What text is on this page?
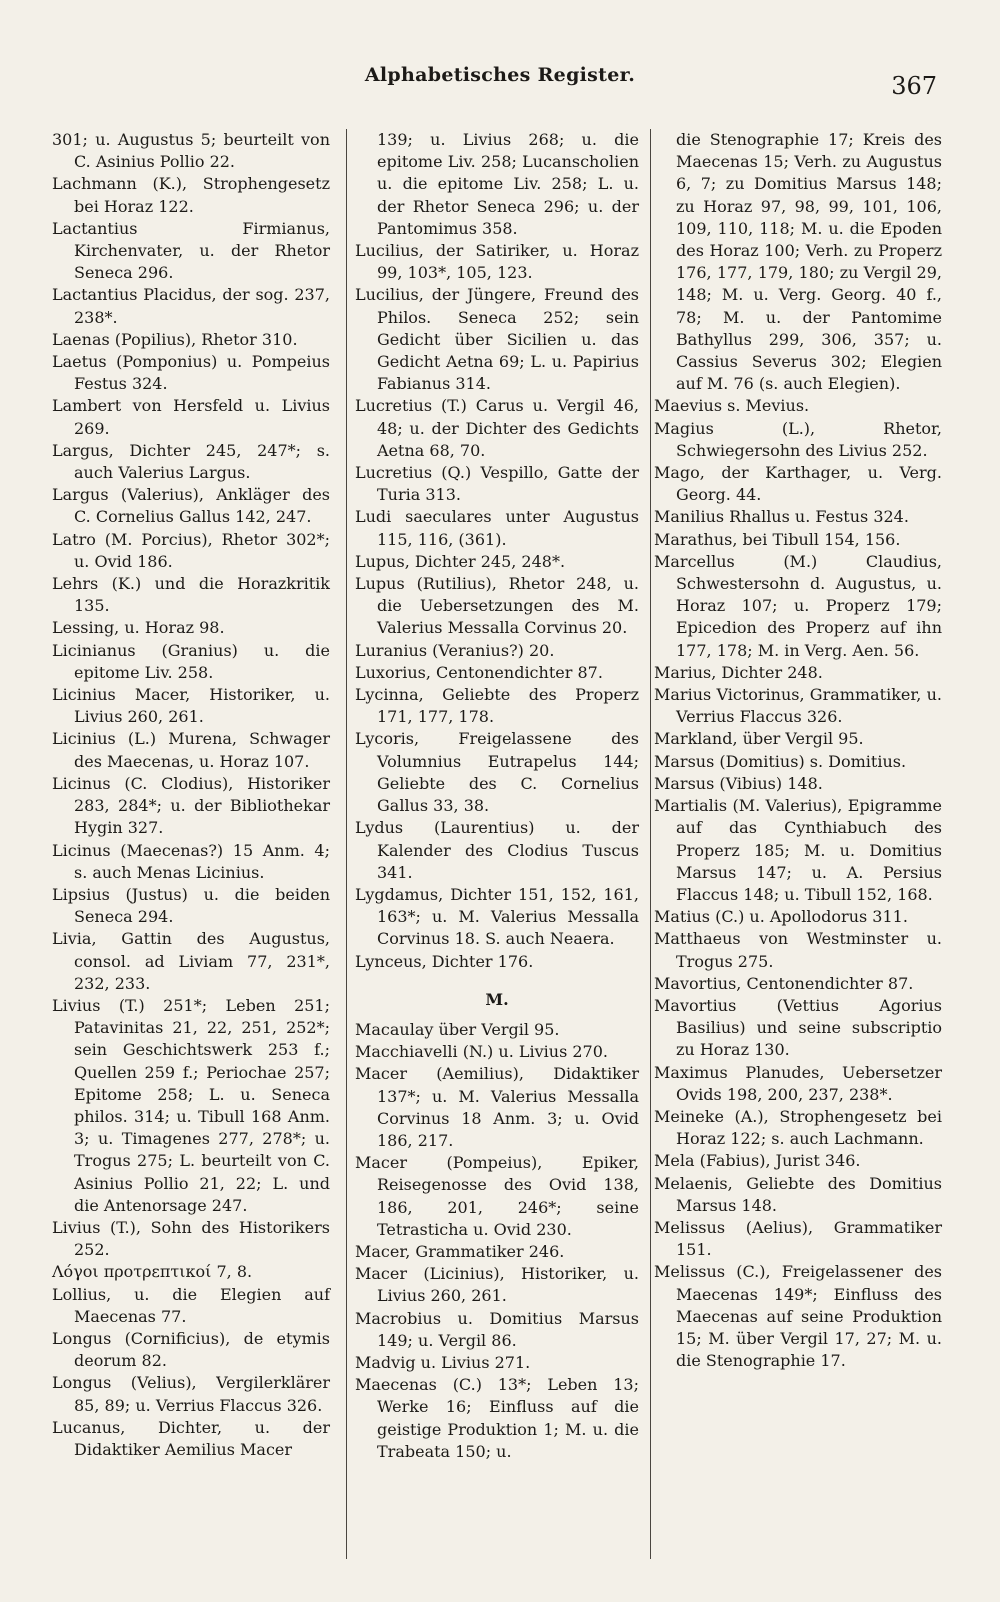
Alphabetisches Register.	367

301; u. Augustus 5; beurteilt von C. Asinius Pollio 22.

Lachmann (K.), Strophengesetz bei Horaz 122.

Lactantius Firmianus, Kirchenvater, u. der Rhetor Seneca 296.

Lactantius Placidus, der sog. 237, 238*.

Laenas (Popilius), Rhetor 310.

Laetus (Pomponius) u. Pompeius Festus 324.

Lambert von Hersfeld u. Livius 269.

Largus, Dichter 245, 247*; s. auch Valerius Largus.

Largus (Valerius), Ankläger des C. Cornelius Gallus 142, 247.

Latro (M. Porcius), Rhetor 302*; u. Ovid 186.

Lehrs (K.) und die Horazkritik 135.

Lessing, u. Horaz 98.

Licinianus (Granius) u. die epitome Liv. 258.

Licinius Macer, Historiker, u. Livius 260, 261.

Licinius (L.) Murena, Schwager des Maecenas, u. Horaz 107.

Licinus (C. Clodius), Historiker 283, 284*; u. der Bibliothekar Hygin 327.

Licinus (Maecenas?) 15 Anm. 4; s. auch Menas Licinius.

Lipsius (Justus) u. die beiden Seneca 294.

Livia, Gattin des Augustus, consol. ad Liviam 77, 231*, 232, 233.

Livius (T.) 251*; Leben 251; Patavinitas 21, 22, 251, 252*; sein Geschichtswerk 253 f.; Quellen 259 f.; Periochae 257; Epitome 258; L. u. Seneca philos. 314; u. Tibull 168 Anm. 3; u. Timagenes 277, 278*; u. Trogus 275; L. beurteilt von C. Asinius Pollio 21, 22; L. und die Antenorsage 247.

Livius (T.), Sohn des Historikers 252.

Λόγοι προτρεπτικοί 7, 8.

Lollius, u. die Elegien auf Maecenas 77.

Longus (Cornificius), de etymis deorum 82.

Longus (Velius), Vergilerklärer 85, 89; u. Verrius Flaccus 326.

Lucanus, Dichter, u. der Didaktiker Aemilius Macer

139; u. Livius 268; u. die epitome Liv. 258; Lucanscholien u. die epitome Liv. 258; L. u. der Rhetor Seneca 296; u. der Pantomimus 358.

Lucilius, der Satiriker, u. Horaz 99, 103*, 105, 123.

Lucilius, der Jüngere, Freund des Philos. Seneca 252; sein Gedicht über Sicilien u. das Gedicht Aetna 69; L. u. Papirius Fabianus 314.

Lucretius (T.) Carus u. Vergil 46, 48; u. der Dichter des Gedichts Aetna 68, 70.

Lucretius (Q.) Vespillo, Gatte der Turia 313.

Ludi saeculares unter Augustus 115, 116, (361).

Lupus, Dichter 245, 248*.

Lupus (Rutilius), Rhetor 248, u. die Uebersetzungen des M. Valerius Messalla Corvinus 20.

Luranius (Veranius?) 20.

Luxorius, Centonendichter 87.

Lycinna, Geliebte des Properz 171, 177, 178.

Lycoris, Freigelassene des Volumnius Eutrapelus 144; Geliebte des C. Cornelius Gallus 33, 38.

Lydus (Laurentius) u. der Kalender des Clodius Tuscus 341.

Lygdamus, Dichter 151, 152, 161, 163*; u. M. Valerius Messalla Corvinus 18. S. auch Neaera.

Lynceus, Dichter 176.

M.

Macaulay über Vergil 95.

Macchiavelli (N.) u. Livius 270.

Macer (Aemilius), Didaktiker 137*; u. M. Valerius Messalla Corvinus 18 Anm. 3; u. Ovid 186, 217.

Macer (Pompeius), Epiker, Reisegenosse des Ovid 138, 186, 201, 246*; seine Tetrasticha u. Ovid 230.

Macer, Grammatiker 246.

Macer (Licinius), Historiker, u. Livius 260, 261.

Macrobius u. Domitius Marsus 149; u. Vergil 86.

Madvig u. Livius 271.

Maecenas (C.) 13*; Leben 13; Werke 16; Einfluss auf die geistige Produktion 1; M. u. die Trabeata 150; u.

die Stenographie 17; Kreis des Maecenas 15; Verh. zu Augustus 6, 7; zu Domitius Marsus 148; zu Horaz 97, 98, 99, 101, 106, 109, 110, 118; M. u. die Epoden des Horaz 100; Verh. zu Properz 176, 177, 179, 180; zu Vergil 29, 148; M. u. Verg. Georg. 40 f., 78; M. u. der Pantomime Bathyllus 299, 306, 357; u. Cassius Severus 302; Elegien auf M. 76 (s. auch Elegien).

Maevius s. Mevius.

Magius (L.), Rhetor, Schwiegersohn des Livius 252.

Mago, der Karthager, u. Verg. Georg. 44.

Manilius Rhallus u. Festus 324.

Marathus, bei Tibull 154, 156.

Marcellus (M.) Claudius, Schwestersohn d. Augustus, u. Horaz 107; u. Properz 179; Epicedion des Properz auf ihn 177, 178; M. in Verg. Aen. 56.

Marius, Dichter 248.

Marius Victorinus, Grammatiker, u. Verrius Flaccus 326.

Markland, über Vergil 95.

Marsus (Domitius) s. Domitius.

Marsus (Vibius) 148.

Martialis (M. Valerius), Epigramme auf das Cynthiabuch des Properz 185; M. u. Domitius Marsus 147; u. A. Persius Flaccus 148; u. Tibull 152, 168.

Matius (C.) u. Apollodorus 311.

Matthaeus von Westminster u. Trogus 275.

Mavortius, Centonendichter 87.

Mavortius (Vettius Agorius Basilius) und seine subscriptio zu Horaz 130.

Maximus Planudes, Uebersetzer Ovids 198, 200, 237, 238*.

Meineke (A.), Strophengesetz bei Horaz 122; s. auch Lachmann.

Mela (Fabius), Jurist 346.

Melaenis, Geliebte des Domitius Marsus 148.

Melissus (Aelius), Grammatiker 151.

Melissus (C.), Freigelassener des Maecenas 149*; Einfluss des Maecenas auf seine Produktion 15; M. über Vergil 17, 27; M. u. die Stenographie 17.
